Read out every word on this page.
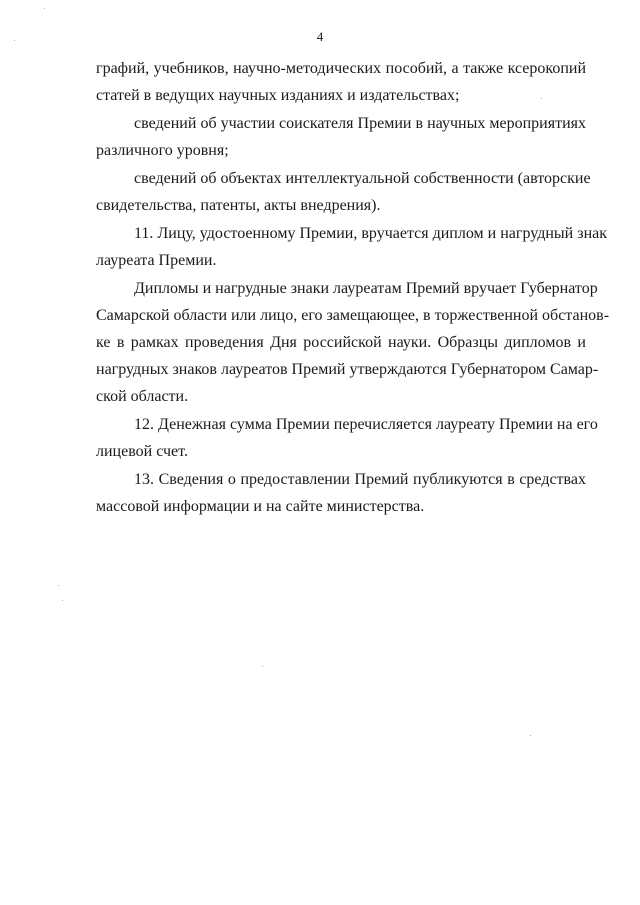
4
графий, учебников, научно-методических пособий, а также ксерокопий
статей в ведущих научных изданиях и издательствах;
сведений об участии соискателя Премии в научных мероприятиях
различного уровня;
сведений об объектах интеллектуальной собственности (авторские
свидетельства, патенты, акты внедрения).
11. Лицу, удостоенному Премии, вручается диплом и нагрудный знак
лауреата Премии.
Дипломы и нагрудные знаки лауреатам Премий вручает Губернатор
Самарской области или лицо, его замещающее, в торжественной обстанов-
ке в рамках проведения Дня российской науки. Образцы дипломов и
нагрудных знаков лауреатов Премий утверждаются Губернатором Самар-
ской области.
12. Денежная сумма Премии перечисляется лауреату Премии на его
лицевой счет.
13. Сведения о предоставлении Премий публикуются в средствах
массовой информации и на сайте министерства.
